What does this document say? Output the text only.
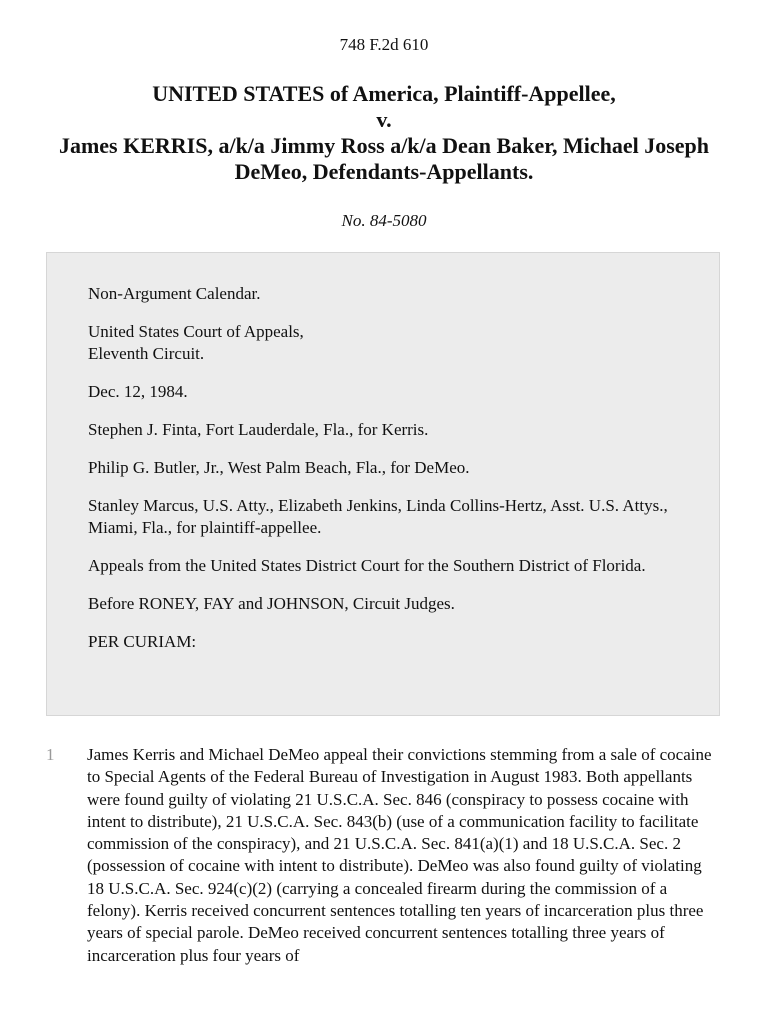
748 F.2d 610
UNITED STATES of America, Plaintiff-Appellee,
v.
James KERRIS, a/k/a Jimmy Ross a/k/a Dean Baker, Michael Joseph DeMeo, Defendants-Appellants.
No. 84-5080

Non-Argument Calendar.

United States Court of Appeals,
Eleventh Circuit.

Dec. 12, 1984.

Stephen J. Finta, Fort Lauderdale, Fla., for Kerris.

Philip G. Butler, Jr., West Palm Beach, Fla., for DeMeo.

Stanley Marcus, U.S. Atty., Elizabeth Jenkins, Linda Collins-Hertz, Asst. U.S. Attys., Miami, Fla., for plaintiff-appellee.

Appeals from the United States District Court for the Southern District of Florida.

Before RONEY, FAY and JOHNSON, Circuit Judges.

PER CURIAM:

1 James Kerris and Michael DeMeo appeal their convictions stemming from a sale of cocaine to Special Agents of the Federal Bureau of Investigation in August 1983. Both appellants were found guilty of violating 21 U.S.C.A. Sec. 846 (conspiracy to possess cocaine with intent to distribute), 21 U.S.C.A. Sec. 843(b) (use of a communication facility to facilitate commission of the conspiracy), and 21 U.S.C.A. Sec. 841(a)(1) and 18 U.S.C.A. Sec. 2 (possession of cocaine with intent to distribute). DeMeo was also found guilty of violating 18 U.S.C.A. Sec. 924(c)(2) (carrying a concealed firearm during the commission of a felony). Kerris received concurrent sentences totalling ten years of incarceration plus three years of special parole. DeMeo received concurrent sentences totalling three years of incarceration plus four years of
